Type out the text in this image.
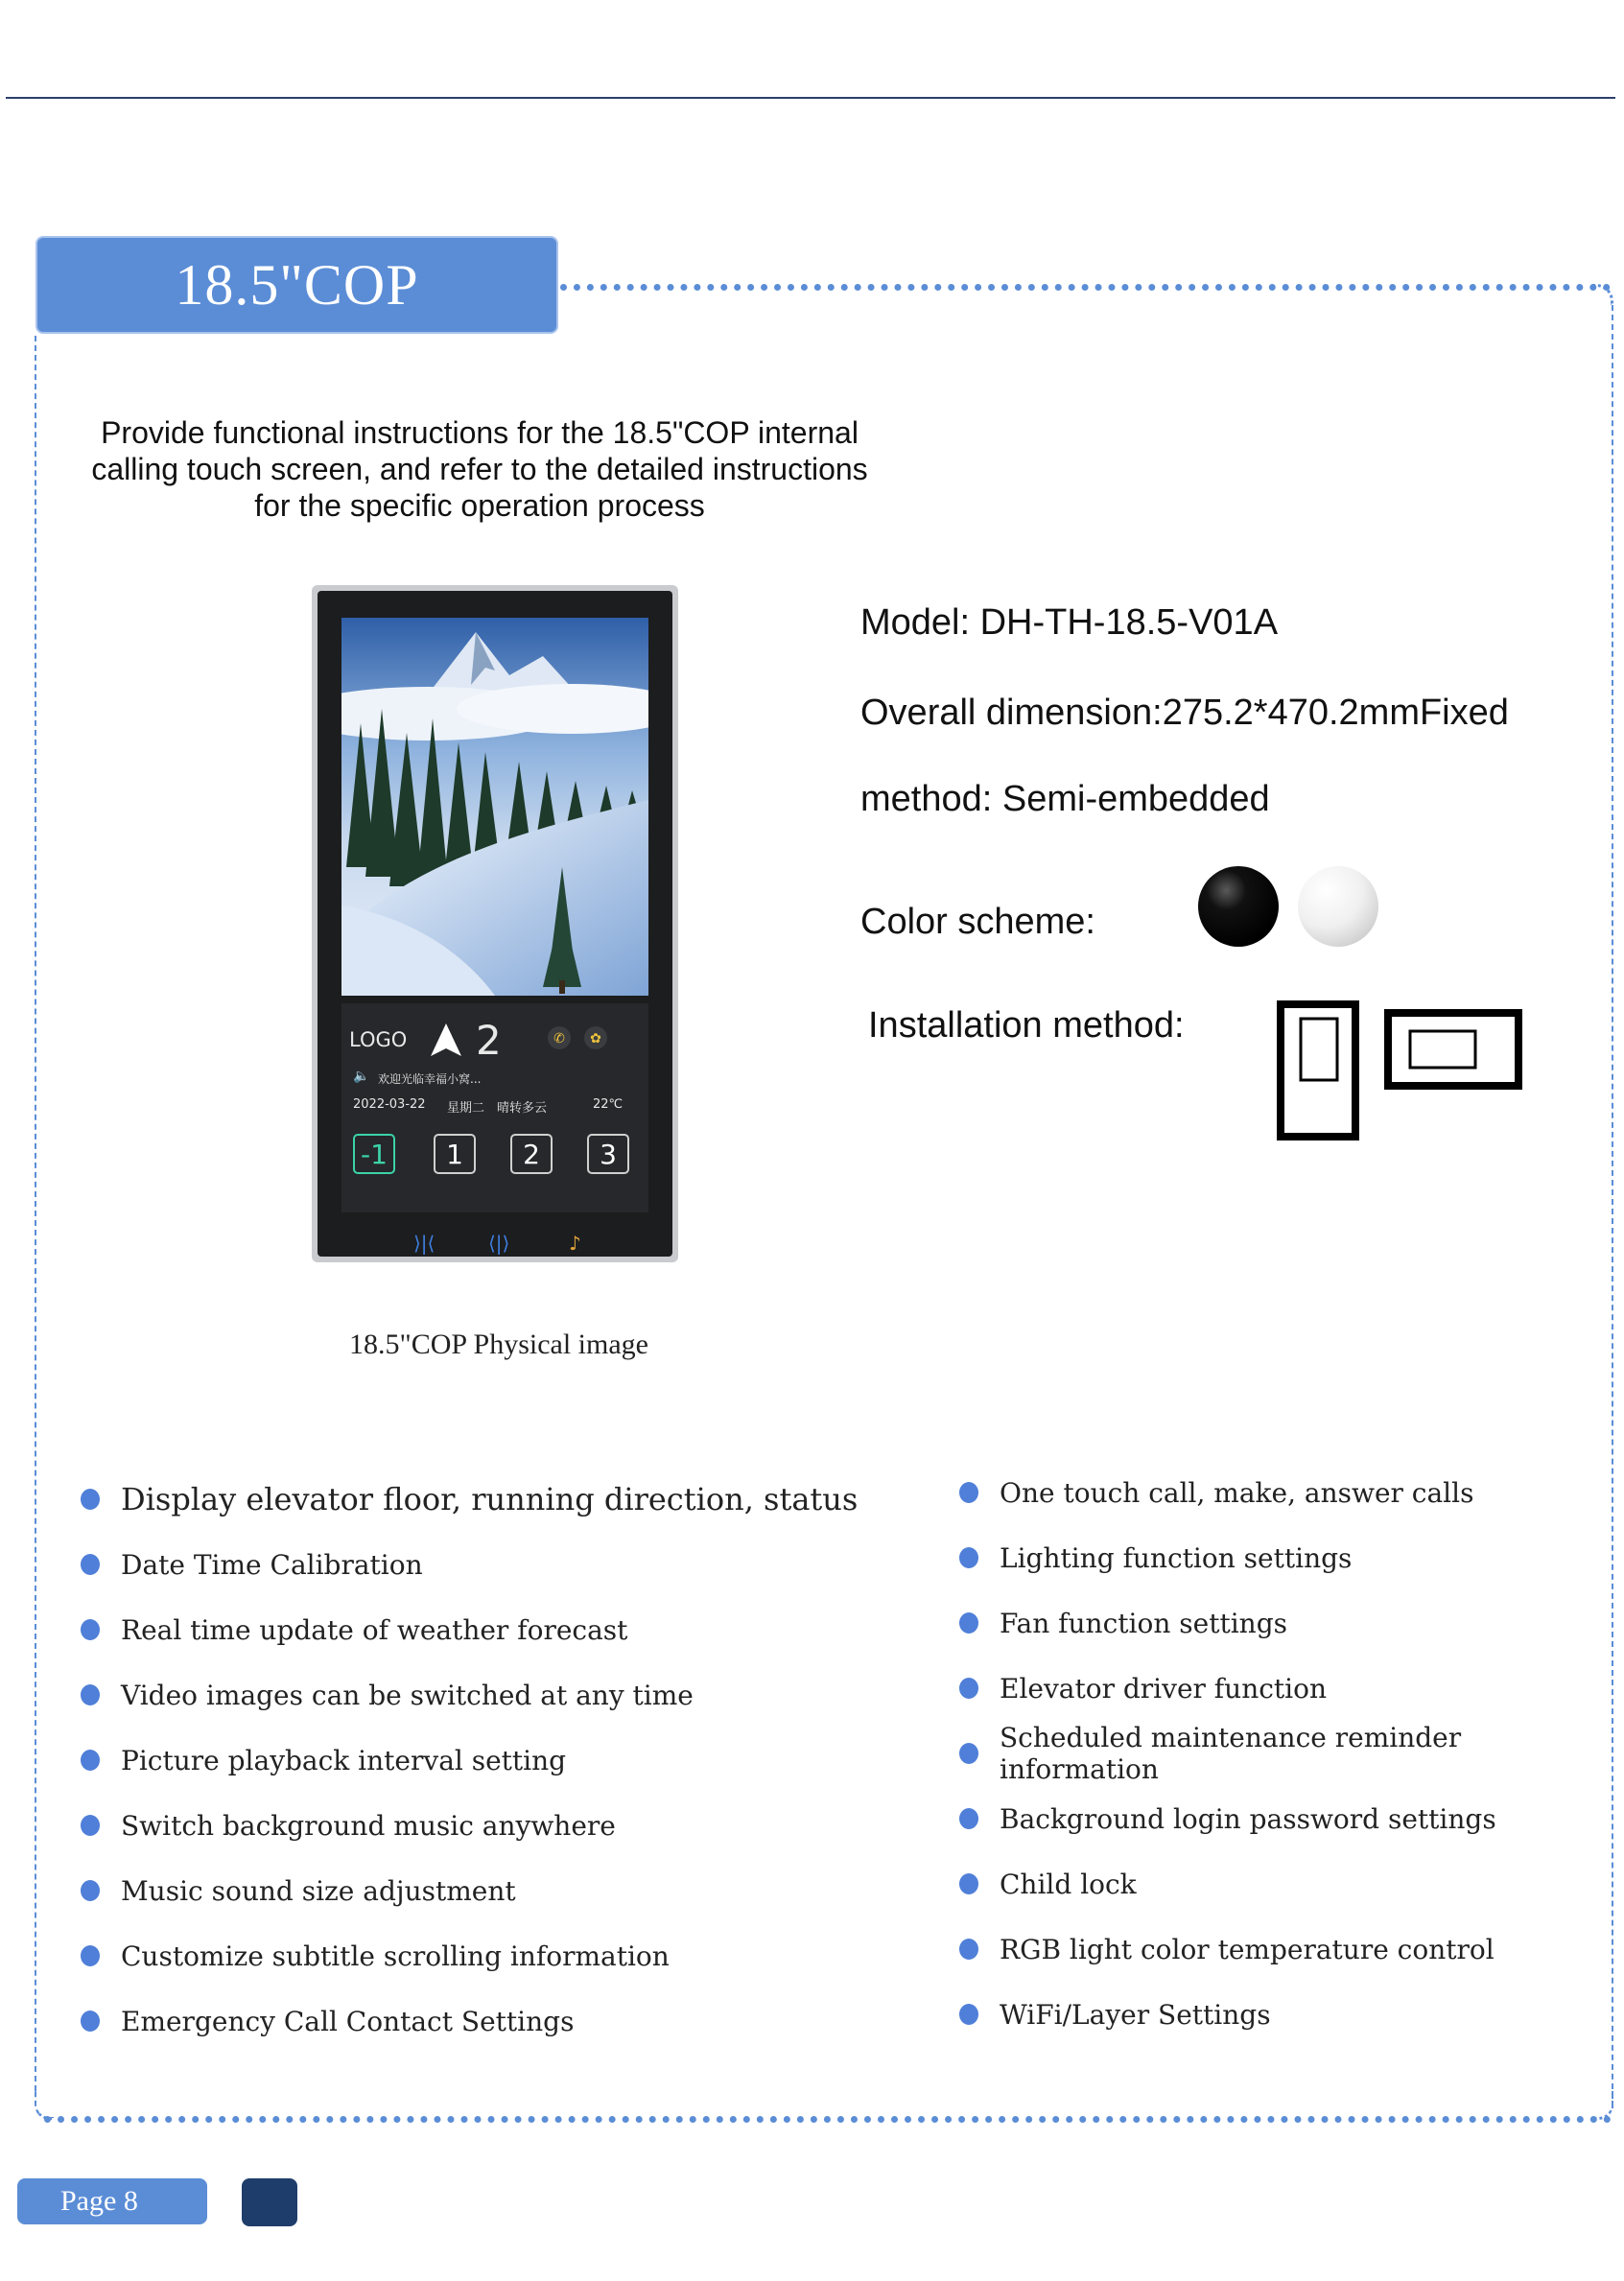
18.5"COP
Provide functional instructions for the 18.5"COP internal
calling touch screen, and refer to the detailed instructions
for the specific operation process
LOGO 2	✆	✿
🔈 欢迎光临幸福小窝...
2022-03-22 星期二 晴转多云	22℃
-1	1	2	3
⟩|⟨	⟨|⟩	♪
18.5"COP Physical image
Model: DH-TH-18.5-V01A
Overall dimension:275.2*470.2mmFixed
method: Semi-embedded
Color scheme:
Installation method:
Display elevator floor, running direction, status
Date Time Calibration
Real time update of weather forecast
Video images can be switched at any time
Picture playback interval setting
Switch background music anywhere
Music sound size adjustment
Customize subtitle scrolling information
Emergency Call Contact Settings
One touch call, make, answer calls
Lighting function settings
Fan function settings
Elevator driver function
Scheduled maintenance reminder information
Background login password settings
Child lock
RGB light color temperature control
WiFi/Layer Settings
Page 8
